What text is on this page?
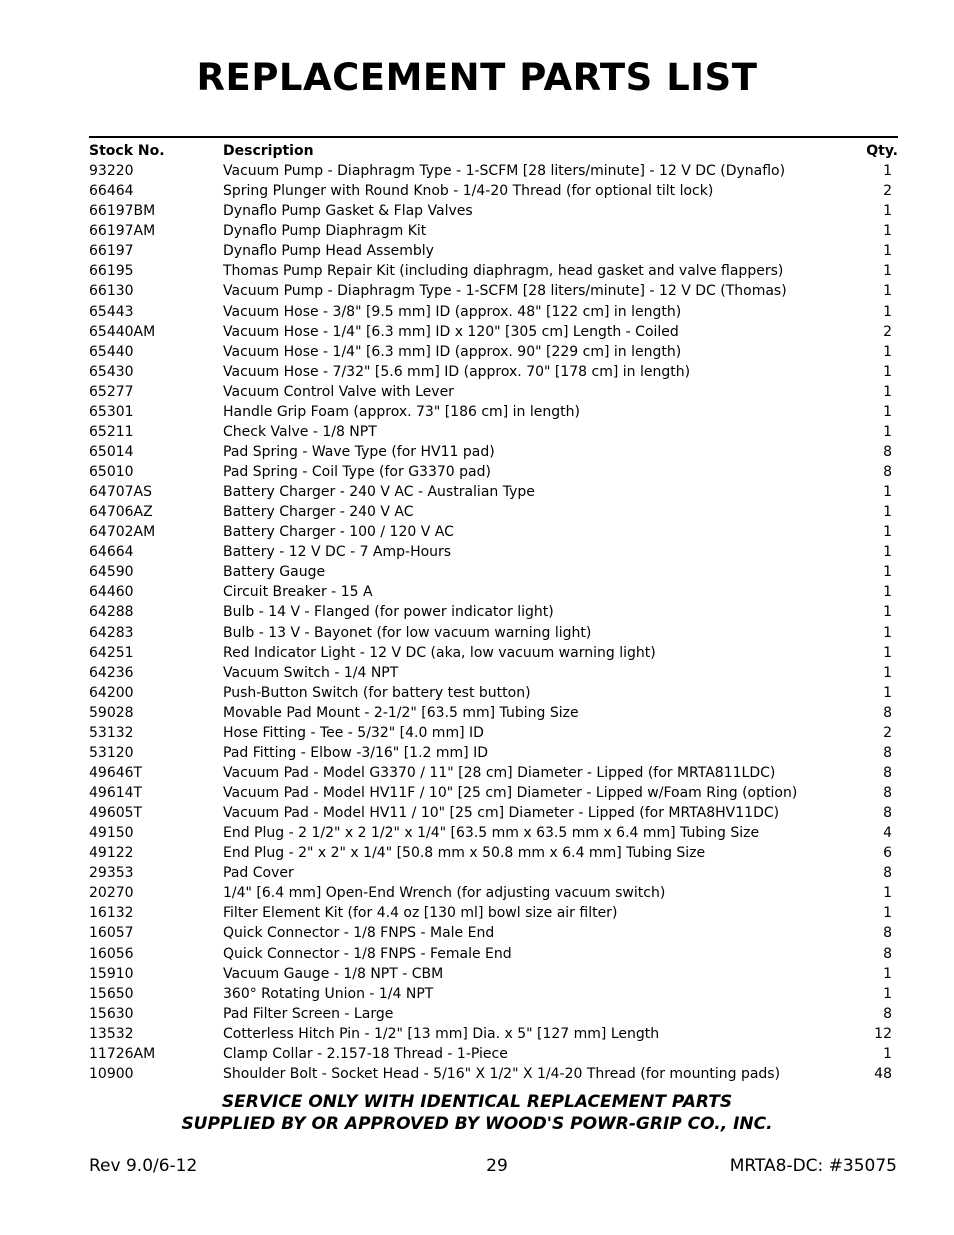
REPLACEMENT PARTS LIST
Stock No.	Description	Qty.
93220	Vacuum Pump - Diaphragm Type - 1-SCFM [28 liters/minute] - 12 V DC (Dynaflo)	1
66464	Spring Plunger with Round Knob - 1/4-20 Thread (for optional tilt lock)	2
66197BM	Dynaflo Pump Gasket & Flap Valves	1
66197AM	Dynaflo Pump Diaphragm Kit	1
66197	Dynaflo Pump Head Assembly	1
66195	Thomas Pump Repair Kit (including diaphragm, head gasket and valve flappers)	1
66130	Vacuum Pump - Diaphragm Type - 1-SCFM [28 liters/minute] - 12 V DC (Thomas)	1
65443	Vacuum Hose - 3/8" [9.5 mm] ID (approx. 48" [122 cm] in length)	1
65440AM	Vacuum Hose - 1/4" [6.3 mm] ID x 120" [305 cm] Length - Coiled	2
65440	Vacuum Hose - 1/4" [6.3 mm] ID (approx. 90" [229 cm] in length)	1
65430	Vacuum Hose - 7/32" [5.6 mm] ID (approx. 70" [178 cm] in length)	1
65277	Vacuum Control Valve with Lever	1
65301	Handle Grip Foam (approx. 73" [186 cm] in length)	1
65211	Check Valve - 1/8 NPT	1
65014	Pad Spring - Wave Type (for HV11 pad)	8
65010	Pad Spring - Coil Type (for G3370 pad)	8
64707AS	Battery Charger - 240 V AC - Australian Type	1
64706AZ	Battery Charger - 240 V AC	1
64702AM	Battery Charger - 100 / 120 V AC	1
64664	Battery - 12 V DC - 7 Amp-Hours	1
64590	Battery Gauge	1
64460	Circuit Breaker - 15 A	1
64288	Bulb - 14 V - Flanged (for power indicator light)	1
64283	Bulb - 13 V - Bayonet (for low vacuum warning light)	1
64251	Red Indicator Light - 12 V DC (aka, low vacuum warning light)	1
64236	Vacuum Switch - 1/4 NPT	1
64200	Push-Button Switch (for battery test button)	1
59028	Movable Pad Mount - 2-1/2" [63.5 mm] Tubing Size	8
53132	Hose Fitting - Tee - 5/32" [4.0 mm] ID	2
53120	Pad Fitting - Elbow -3/16" [1.2 mm] ID	8
49646T	Vacuum Pad - Model G3370 / 11" [28 cm] Diameter - Lipped (for MRTA811LDC)	8
49614T	Vacuum Pad - Model HV11F / 10" [25 cm] Diameter - Lipped w/Foam Ring (option)	8
49605T	Vacuum Pad - Model HV11 / 10" [25 cm] Diameter - Lipped (for MRTA8HV11DC)	8
49150	End Plug - 2 1/2" x 2 1/2" x 1/4" [63.5 mm x 63.5 mm x 6.4 mm] Tubing Size	4
49122	End Plug - 2" x 2" x 1/4" [50.8 mm x 50.8 mm x 6.4 mm] Tubing Size	6
29353	Pad Cover	8
20270	1/4" [6.4 mm] Open-End Wrench (for adjusting vacuum switch)	1
16132	Filter Element Kit (for 4.4 oz [130 ml] bowl size air filter)	1
16057	Quick Connector - 1/8 FNPS - Male End	8
16056	Quick Connector - 1/8 FNPS - Female End	8
15910	Vacuum Gauge - 1/8 NPT - CBM	1
15650	360° Rotating Union - 1/4 NPT	1
15630	Pad Filter Screen - Large	8
13532	Cotterless Hitch Pin - 1/2" [13 mm] Dia. x 5" [127 mm] Length	12
11726AM	Clamp Collar - 2.157-18 Thread - 1-Piece	1
10900	Shoulder Bolt - Socket Head - 5/16" X 1/2" X 1/4-20 Thread (for mounting pads)	48
SERVICE ONLY WITH IDENTICAL REPLACEMENT PARTS
SUPPLIED BY OR APPROVED BY WOOD'S POWR-GRIP CO., INC.
Rev 9.0/6-12	29	MRTA8-DC: #35075
